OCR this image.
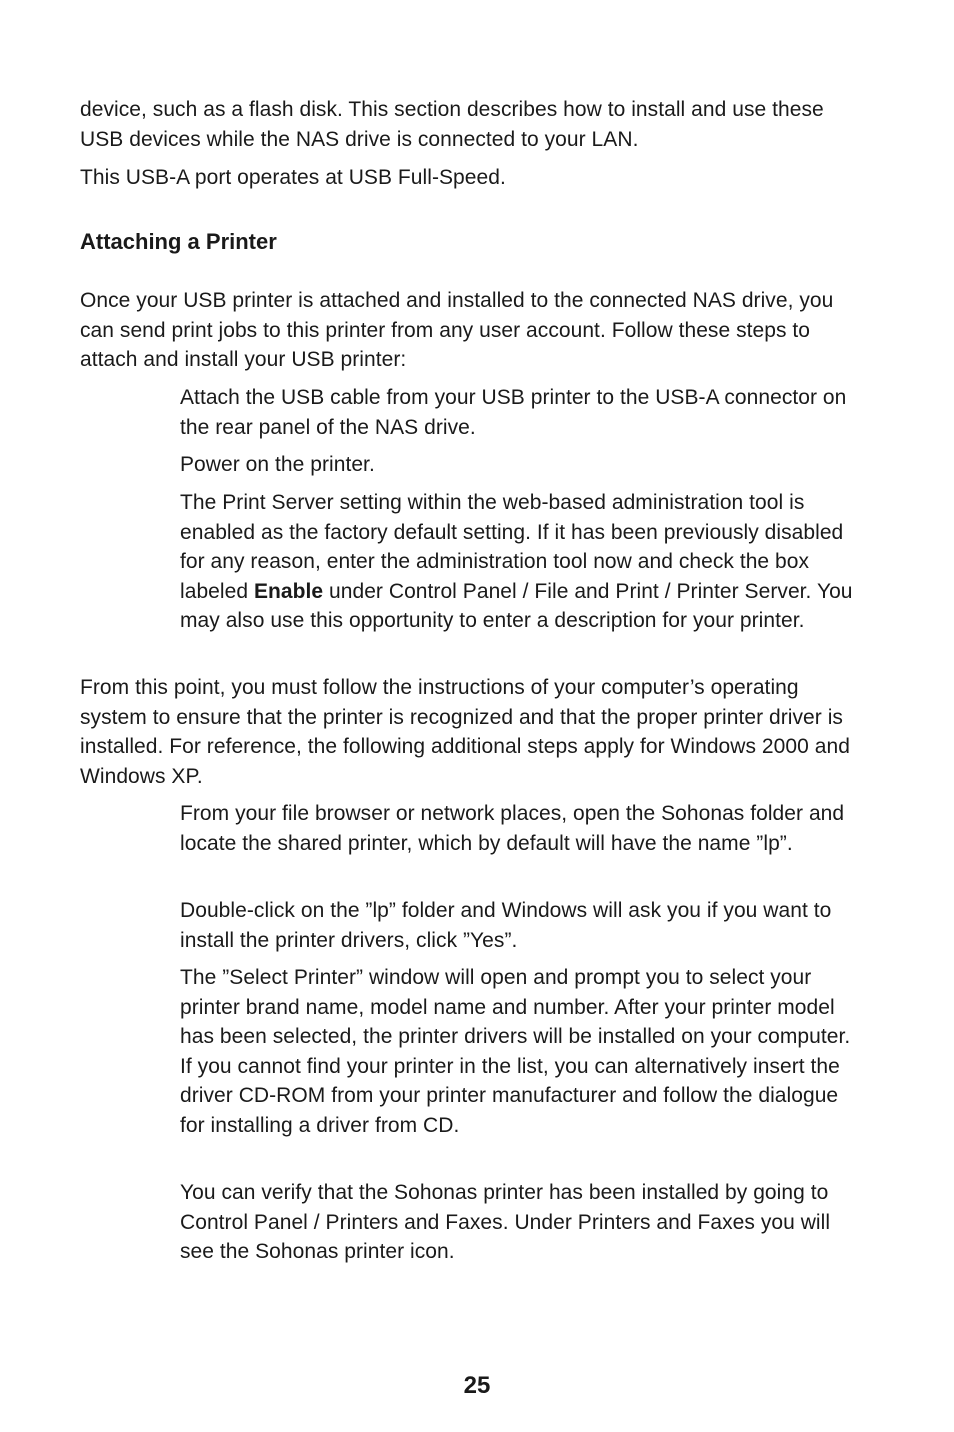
device, such as a flash disk. This section describes how to install and use these USB devices while the NAS drive is connected to your LAN.

This USB-A port operates at USB Full-Speed.

Attaching a Printer

Once your USB printer is attached and installed to the connected NAS drive, you can send print jobs to this printer from any user account. Follow these steps to attach and install your USB printer:

Attach the USB cable from your USB printer to the USB-A connector on the rear panel of the NAS drive.

Power on the printer.

The Print Server setting within the web-based administration tool is enabled as the factory default setting. If it has been previously disabled for any reason, enter the administration tool now and check the box labeled Enable under Control Panel / File and Print / Printer Server. You may also use this opportunity to enter a description for your printer.

From this point, you must follow the instructions of your computer’s operating system to ensure that the printer is recognized and that the proper printer driver is installed. For reference, the following additional steps apply for Windows 2000 and Windows XP.

From your file browser or network places, open the Sohonas folder and locate the shared printer, which by default will have the name ”lp”.

Double-click on the ”lp” folder and Windows will ask you if you want to install the printer drivers, click ”Yes”.

The ”Select Printer” window will open and prompt you to select your printer brand name, model name and number. After your printer model has been selected, the printer drivers will be installed on your computer. If you cannot find your printer in the list, you can alternatively insert the driver CD-ROM from your printer manufacturer and follow the dialogue for installing a driver from CD.

You can verify that the Sohonas printer has been installed by going to Control Panel / Printers and Faxes. Under Printers and Faxes you will see the Sohonas printer icon.

25
